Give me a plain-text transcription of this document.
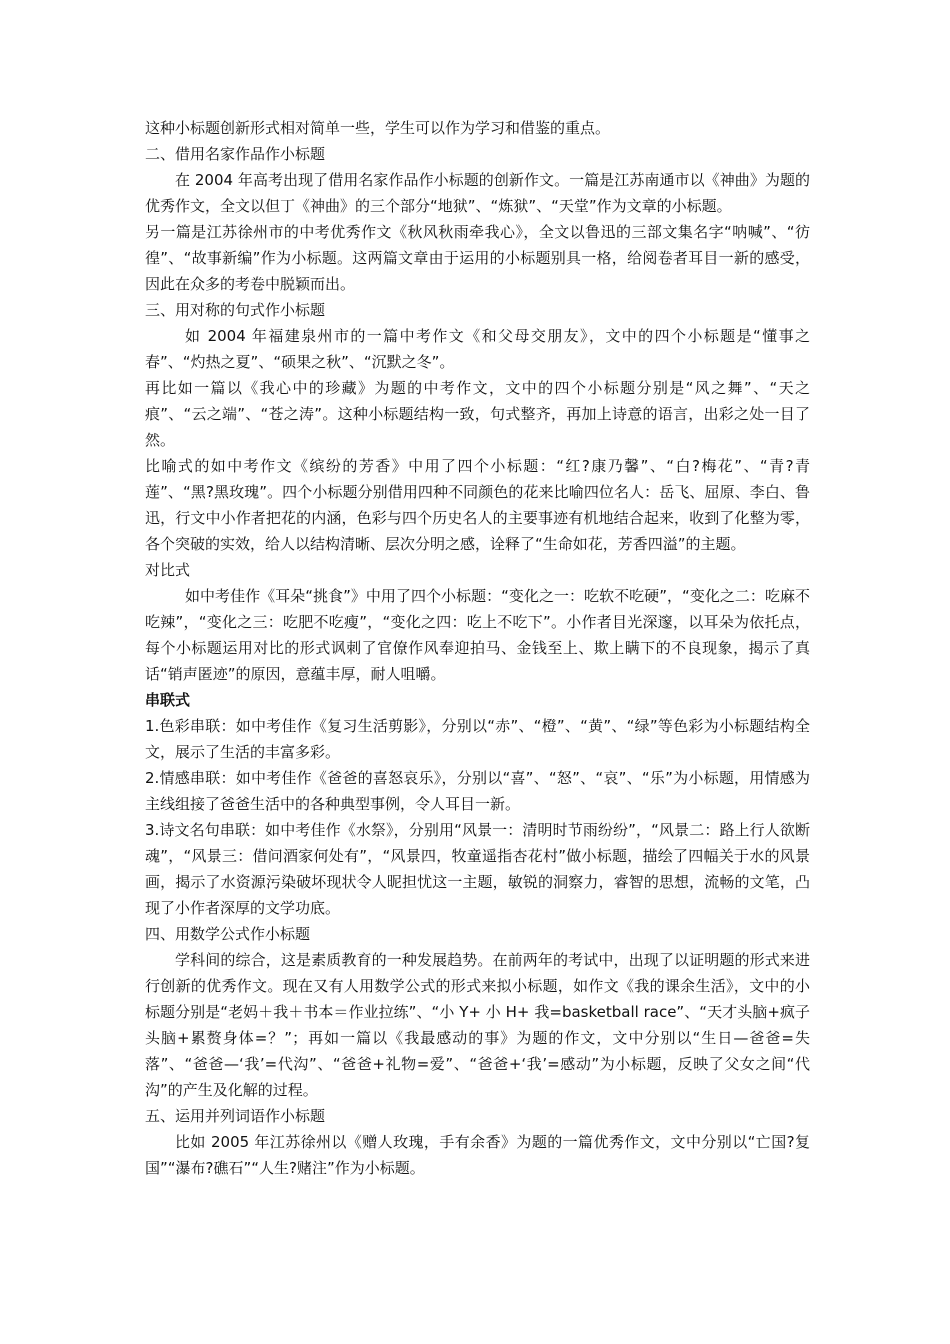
这种小标题创新形式相对简单一些，学生可以作为学习和借鉴的重点。

二、借用名家作品作小标题

在 2004 年高考出现了借用名家作品作小标题的创新作文。一篇是江苏南通市以《神曲》为题的优秀作文，全文以但丁《神曲》的三个部分“地狱”、“炼狱”、“天堂”作为文章的小标题。

另一篇是江苏徐州市的中考优秀作文《秋风秋雨牵我心》，全文以鲁迅的三部文集名字“呐喊”、“彷徨”、“故事新编”作为小标题。这两篇文章由于运用的小标题别具一格，给阅卷者耳目一新的感受，因此在众多的考卷中脱颖而出。

三、用对称的句式作小标题

如 2004 年福建泉州市的一篇中考作文《和父母交朋友》，文中的四个小标题是“懂事之春”、“灼热之夏”、“硕果之秋”、“沉默之冬”。

再比如一篇以《我心中的珍藏》为题的中考作文，文中的四个小标题分别是“风之舞”、“天之痕”、“云之端”、“苍之涛”。这种小标题结构一致，句式整齐，再加上诗意的语言，出彩之处一目了然。

比喻式的如中考作文《缤纷的芳香》中用了四个小标题：“红?康乃馨”、“白?梅花”、“青?青莲”、“黑?黑玫瑰”。四个小标题分别借用四种不同颜色的花来比喻四位名人：岳飞、屈原、李白、鲁迅，行文中小作者把花的内涵，色彩与四个历史名人的主要事迹有机地结合起来，收到了化整为零，各个突破的实效，给人以结构清晰、层次分明之感，诠释了“生命如花，芳香四溢”的主题。

对比式

如中考佳作《耳朵“挑食”》中用了四个小标题：“变化之一：吃软不吃硬”，“变化之二：吃麻不吃辣”，“变化之三：吃肥不吃瘦”，“变化之四：吃上不吃下”。小作者目光深邃，以耳朵为依托点，每个小标题运用对比的形式讽刺了官僚作风奉迎拍马、金钱至上、欺上瞒下的不良现象，揭示了真话“销声匿迹”的原因，意蕴丰厚，耐人咀嚼。

串联式

1.色彩串联：如中考佳作《复习生活剪影》，分别以“赤”、“橙”、“黄”、“绿”等色彩为小标题结构全文，展示了生活的丰富多彩。

2.情感串联：如中考佳作《爸爸的喜怒哀乐》，分别以“喜”、“怒”、“哀”、“乐”为小标题，用情感为主线组接了爸爸生活中的各种典型事例，令人耳目一新。

3.诗文名句串联：如中考佳作《水祭》，分别用“风景一：清明时节雨纷纷”，“风景二：路上行人欲断魂”，“风景三：借问酒家何处有”，“风景四，牧童遥指杏花村”做小标题，描绘了四幅关于水的风景画，揭示了水资源污染破坏现状令人昵担忧这一主题，敏锐的洞察力，睿智的思想，流畅的文笔，凸现了小作者深厚的文学功底。

四、用数学公式作小标题

学科间的综合，这是素质教育的一种发展趋势。在前两年的考试中，出现了以证明题的形式来进行创新的优秀作文。现在又有人用数学公式的形式来拟小标题，如作文《我的课余生活》，文中的小标题分别是“老妈＋我＋书本＝作业拉练”、“小 Y+ 小 H+ 我=basketball race”、“天才头脑+疯子头脑+累赘身体=？”；再如一篇以《我最感动的事》为题的作文，文中分别以“生日—爸爸=失落”、“爸爸—‘我’=代沟”、“爸爸+礼物=爱”、“爸爸+‘我’=感动”为小标题，反映了父女之间“代沟”的产生及化解的过程。

五、运用并列词语作小标题

比如 2005 年江苏徐州以《赠人玫瑰，手有余香》为题的一篇优秀作文，文中分别以“亡国?复国”“瀑布?礁石”“人生?赌注”作为小标题。
